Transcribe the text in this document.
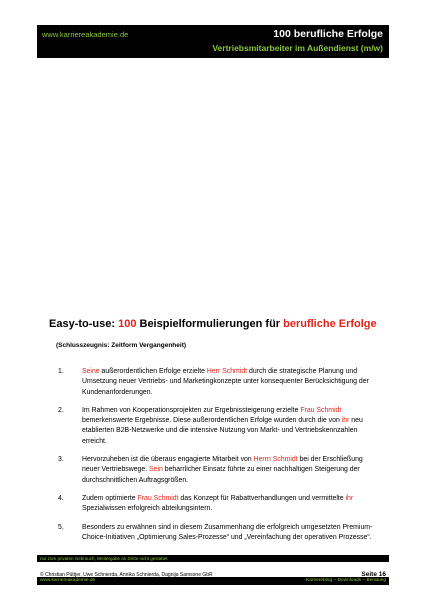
www.karriereakademie.de	100 berufliche Erfolge
Vertriebsmitarbeiter im Außendienst (m/w)
Easy-to-use: 100 Beispielformulierungen für berufliche Erfolge
(Schlusszeugnis: Zeitform Vergangenheit)
1.	Seine außerordentlichen Erfolge erzielte Herr Schmidt durch die strategische Planung und Umsetzung neuer Vertriebs- und Marketingkonzepte unter konsequenter Berücksichtigung der Kundenanforderungen.
2.	Im Rahmen von Kooperationsprojekten zur Ergebnissteigerung erzielte Frau Schmidt bemerkenswerte Ergebnisse. Diese außerordentlichen Erfolge wurden durch die von ihr neu etablierten B2B-Netzwerke und die intensive Nutzung von Markt- und Vertriebskennzahlen erreicht.
3.	Hervorzuheben ist die überaus engagierte Mitarbeit von Herrn Schmidt bei der Erschließung neuer Vertriebswege. Sein beharrlicher Einsatz führte zu einer nachhaltigen Steigerung der durchschnittlichen Auftragsgrößen.
4.	Zudem optimierte Frau Schmidt das Konzept für Rabattverhandlungen und vermittelte ihr Spezialwissen erfolgreich abteilungsintern.
5.	Besonders zu erwähnen sind in diesem Zusammenhang die erfolgreich umgesetzten Premium-Choice-Initiativen „Optimierung Sales-Prozesse“ und „Vereinfachung der operativen Prozesse“.
nur zum privaten Gebrauch, Weitergabe an Dritte nicht gestattet
© Christian Püttjer, Uwe Schnierda, Annika Schnierda, Dagnija Samsone GbR	Seite 16
www.karriereakademie.de	Karriereblog – Downloads – Beratung
